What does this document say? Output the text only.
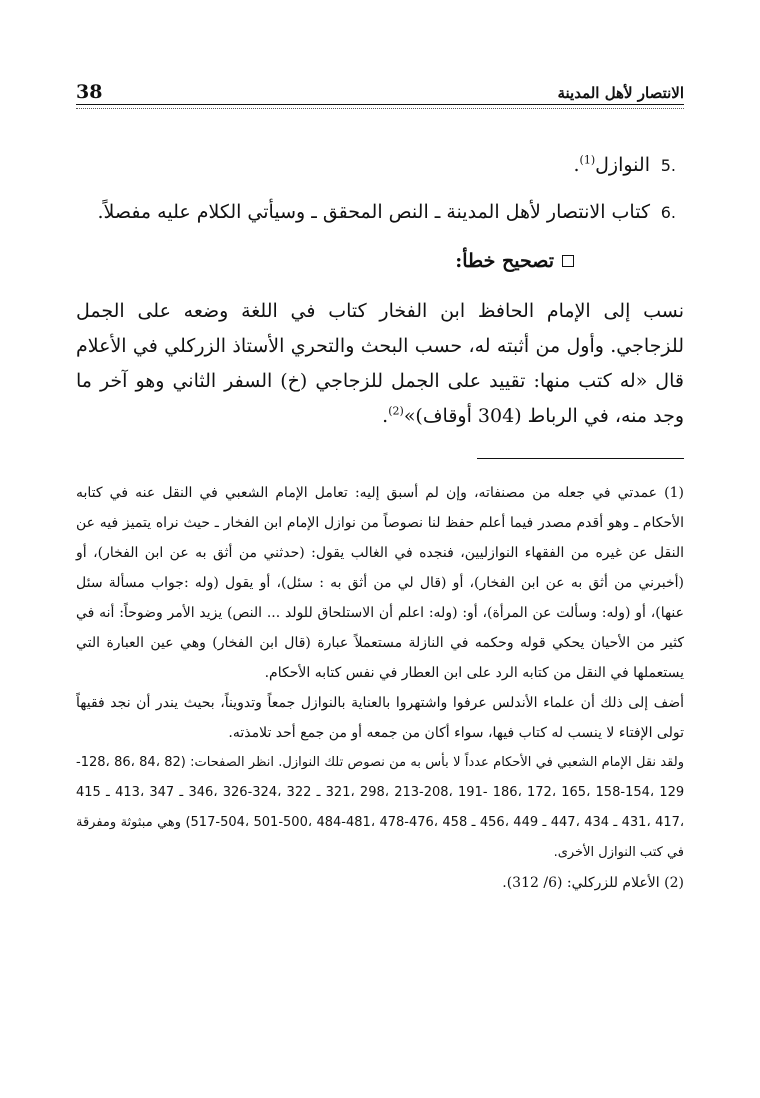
الانتصار لأهل المدينة
38
.5
النوازل$^{(1)}$.
.6
كتاب الانتصار لأهل المدينة ـ النص المحقق ـ وسيأتي الكلام عليه مفصلاً.
تصحيح خطأ:
نسب إلى الإمام الحافظ ابن الفخار كتاب في اللغة وضعه على الجمل للزجاجي. وأول من أثبته له، حسب البحث والتحري الأستاذ الزركلي في الأعلام قال «له كتب منها: تقييد على الجمل للزجاجي (خ) السفر الثاني وهو آخر ما وجد منه، في الرباط (304 أوقاف)»$^{(2)}$.

(1) عمدتي في جعله من مصنفاته، وإن لم أسبق إليه: تعامل الإمام الشعبي في النقل عنه في كتابه الأحكام ـ وهو أقدم مصدر فيما أعلم حفظ لنا نصوصاً من نوازل الإمام ابن الفخار ـ حيث نراه يتميز فيه عن النقل عن غيره من الفقهاء النوازليين، فنجده في الغالب يقول: (حدثني من أثق به عن ابن الفخار)، أو (أخبرني من أثق به عن ابن الفخار)، أو (قال لي من أثق به : سئل)، أو يقول (وله :جواب مسألة سئل عنها)، أو (وله: وسألت عن المرأة)، أو: (وله: اعلم أن الاستلحاق للولد ... النص) يزيد الأمر وضوحاً: أنه في كثير من الأحيان يحكي قوله وحكمه في النازلة مستعملاً عبارة (قال ابن الفخار) وهي عين العبارة التي يستعملها في النقل من كتابه الرد على ابن العطار في نفس كتابه الأحكام.

أضف إلى ذلك أن علماء الأندلس عرفوا واشتهروا بالعناية بالنوازل جمعاً وتدويناً، بحيث يندر أن نجد فقيهاً تولى الإفتاء لا ينسب له كتاب فيها، سواء أكان من جمعه أو من جمع أحد تلامذته.

ولقد نقل الإمام الشعبي في الأحكام عدداً لا بأس به من نصوص تلك النوازل. انظر الصفحات: (82 ،84 ،86 ،128-129 ،154-158 ،165 ،172 ،186 -191 ،208-213 ،298 ،321 ـ 322 ،324-326 ،346 ـ 347 ،413 ـ 415 ،417 ،431 ـ 434 ،447 ـ 449 ،456 ـ 458 ،476-478 ،481-484 ،500-501 ،504-517) وهي مبثوثة ومفرقة في كتب النوازل الأخرى.

(2) الأعلام للزركلي: (6/ 312).
